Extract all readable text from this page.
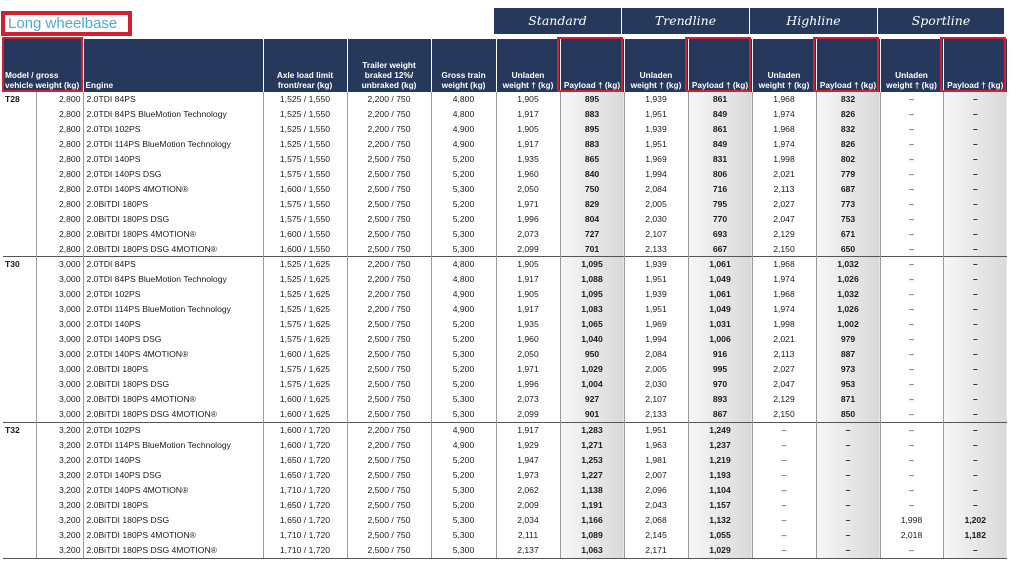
Long wheelbase	Standard	Trendline	Highline	Sportline
Model / gross vehicle weight (kg)	Engine	Axle load limit front/rear (kg)	Trailer weight braked 12%/ unbraked (kg)	Gross train weight (kg)	Unladen weight † (kg)	Payload † (kg)	Unladen weight † (kg)	Payload † (kg)	Unladen weight † (kg)	Payload † (kg)	Unladen weight † (kg)	Payload † (kg)
T28	2,800	2.0TDI 84PS	1,525 / 1,550	2,200 / 750	4,800	1,905	895	1,939	861	1,968	832	–	–
	2,800	2.0TDI 84PS BlueMotion Technology	1,525 / 1,550	2,200 / 750	4,800	1,917	883	1,951	849	1,974	826	–	–
	2,800	2.0TDI 102PS	1,525 / 1,550	2,200 / 750	4,900	1,905	895	1,939	861	1,968	832	–	–
	2,800	2.0TDI 114PS BlueMotion Technology	1,525 / 1,550	2,200 / 750	4,900	1,917	883	1,951	849	1,974	826	–	–
	2,800	2.0TDI 140PS	1,575 / 1,550	2,500 / 750	5,200	1,935	865	1,969	831	1,998	802	–	–
	2,800	2.0TDI 140PS DSG	1,575 / 1,550	2,500 / 750	5,200	1,960	840	1,994	806	2,021	779	–	–
	2,800	2.0TDI 140PS 4MOTION®	1,600 / 1,550	2,500 / 750	5,300	2,050	750	2,084	716	2,113	687	–	–
	2,800	2.0BiTDI 180PS	1,575 / 1,550	2,500 / 750	5,200	1,971	829	2,005	795	2,027	773	–	–
	2,800	2.0BiTDI 180PS DSG	1,575 / 1,550	2,500 / 750	5,200	1,996	804	2,030	770	2,047	753	–	–
	2,800	2.0BiTDI 180PS 4MOTION®	1,600 / 1,550	2,500 / 750	5,300	2,073	727	2,107	693	2,129	671	–	–
	2,800	2.0BiTDI 180PS DSG 4MOTION®	1,600 / 1,550	2,500 / 750	5,300	2,099	701	2,133	667	2,150	650	–	–
T30	3,000	2.0TDI 84PS	1,525 / 1,625	2,200 / 750	4,800	1,905	1,095	1,939	1,061	1,968	1,032	–	–
	3,000	2.0TDI 84PS BlueMotion Technology	1,525 / 1,625	2,200 / 750	4,800	1,917	1,088	1,951	1,049	1,974	1,026	–	–
	3,000	2.0TDI 102PS	1,525 / 1,625	2,200 / 750	4,900	1,905	1,095	1,939	1,061	1,968	1,032	–	–
	3,000	2.0TDI 114PS BlueMotion Technology	1,525 / 1,625	2,200 / 750	4,900	1,917	1,083	1,951	1,049	1,974	1,026	–	–
	3,000	2.0TDI 140PS	1,575 / 1,625	2,500 / 750	5,200	1,935	1,065	1,969	1,031	1,998	1,002	–	–
	3,000	2.0TDI 140PS DSG	1,575 / 1,625	2,500 / 750	5,200	1,960	1,040	1,994	1,006	2,021	979	–	–
	3,000	2.0TDI 140PS 4MOTION®	1,600 / 1,625	2,500 / 750	5,300	2,050	950	2,084	916	2,113	887	–	–
	3,000	2.0BiTDI 180PS	1,575 / 1,625	2,500 / 750	5,200	1,971	1,029	2,005	995	2,027	973	–	–
	3,000	2.0BiTDI 180PS DSG	1,575 / 1,625	2,500 / 750	5,200	1,996	1,004	2,030	970	2,047	953	–	–
	3,000	2.0BiTDI 180PS 4MOTION®	1,600 / 1,625	2,500 / 750	5,300	2,073	927	2,107	893	2,129	871	–	–
	3,000	2.0BiTDI 180PS DSG 4MOTION®	1,600 / 1,625	2,500 / 750	5,300	2,099	901	2,133	867	2,150	850	–	–
T32	3,200	2.0TDI 102PS	1,600 / 1,720	2,200 / 750	4,900	1,917	1,283	1,951	1,249	–	–	–	–
	3,200	2.0TDI 114PS BlueMotion Technology	1,600 / 1,720	2,200 / 750	4,900	1,929	1,271	1,963	1,237	–	–	–	–
	3,200	2.0TDI 140PS	1,650 / 1,720	2,500 / 750	5,200	1,947	1,253	1,981	1,219	–	–	–	–
	3,200	2.0TDI 140PS DSG	1,650 / 1,720	2,500 / 750	5,200	1,973	1,227	2,007	1,193	–	–	–	–
	3,200	2.0TDI 140PS 4MOTION®	1,710 / 1,720	2,500 / 750	5,300	2,062	1,138	2,096	1,104	–	–	–	–
	3,200	2.0BiTDI 180PS	1,650 / 1,720	2,500 / 750	5,200	2,009	1,191	2,043	1,157	–	–	–	–
	3,200	2.0BiTDI 180PS DSG	1,650 / 1,720	2,500 / 750	5,300	2,034	1,166	2,068	1,132	–	–	1,998	1,202
	3,200	2.0BiTDI 180PS 4MOTION®	1,710 / 1,720	2,500 / 750	5,300	2,111	1,089	2,145	1,055	–	–	2,018	1,182
	3,200	2.0BiTDI 180PS DSG 4MOTION®	1,710 / 1,720	2,500 / 750	5,300	2,137	1,063	2,171	1,029	–	–	–	–
